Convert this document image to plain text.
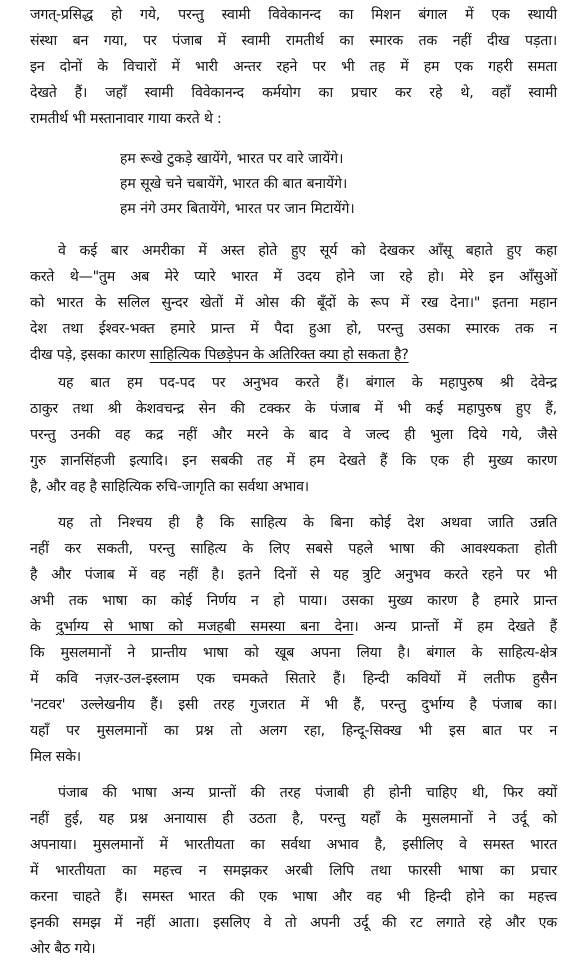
जगत्-प्रसिद्ध हो गये, परन्तु स्वामी विवेकानन्द का मिशन बंगाल में एक स्थायी
संस्था बन गया, पर पंजाब में स्वामी रामतीर्थ का स्मारक तक नहीं दीख पड़ता।
इन दोनों के विचारों में भारी अन्तर रहने पर भी तह में हम एक गहरी समता
देखते हैं। जहाँ स्वामी विवेकानन्द कर्मयोग का प्रचार कर रहे थे, वहाँ स्वामी
रामतीर्थ भी मस्तानावार गाया करते थे :
हम रूखे टुकड़े खायेंगे, भारत पर वारे जायेंगे।
हम सूखे चने चबायेंगे, भारत की बात बनायेंगे।
हम नंगे उमर बितायेंगे, भारत पर जान मिटायेंगे।
वे कई बार अमरीका में अस्त होते हुए सूर्य को देखकर आँसू बहाते हुए कहा
करते थे—"तुम अब मेरे प्यारे भारत में उदय होने जा रहे हो। मेरे इन आँसुओं
को भारत के सलिल सुन्दर खेतों में ओस की बूँदों के रूप में रख देना।" इतना महान
देश तथा ईश्वर-भक्त हमारे प्रान्त में पैदा हुआ हो, परन्तु उसका स्मारक तक न
दीख पड़े, इसका कारण साहित्यिक पिछड़ेपन के अतिरिक्त क्या हो सकता है?
यह बात हम पद-पद पर अनुभव करते हैं। बंगाल के महापुरुष श्री देवेन्द्र
ठाकुर तथा श्री केशवचन्द्र सेन की टक्कर के पंजाब में भी कई महापुरुष हुए हैं,
परन्तु उनकी वह कद्र नहीं और मरने के बाद वे जल्द ही भुला दिये गये, जैसे
गुरु ज्ञानसिंहजी इत्यादि। इन सबकी तह में हम देखते हैं कि एक ही मुख्य कारण
है, और वह है साहित्यिक रुचि-जागृति का सर्वथा अभाव।
यह तो निश्चय ही है कि साहित्य के बिना कोई देश अथवा जाति उन्नति
नहीं कर सकती, परन्तु साहित्य के लिए सबसे पहले भाषा की आवश्यकता होती
है और पंजाब में वह नहीं है। इतने दिनों से यह त्रुटि अनुभव करते रहने पर भी
अभी तक भाषा का कोई निर्णय न हो पाया। उसका मुख्य कारण है हमारे प्रान्त
के दुर्भाग्य से भाषा को मजहबी समस्या बना देना। अन्य प्रान्तों में हम देखते हैं
कि मुसलमानों ने प्रान्तीय भाषा को खूब अपना लिया है। बंगाल के साहित्य-क्षेत्र
में कवि नज़र-उल-इस्लाम एक चमकते सितारे हैं। हिन्दी कवियों में लतीफ हुसैन
'नटवर' उल्लेखनीय हैं। इसी तरह गुजरात में भी हैं, परन्तु दुर्भाग्य है पंजाब का।
यहाँ पर मुसलमानों का प्रश्न तो अलग रहा, हिन्दू-सिक्ख भी इस बात पर न
मिल सके।
पंजाब की भाषा अन्य प्रान्तों की तरह पंजाबी ही होनी चाहिए थी, फिर क्यों
नहीं हुई, यह प्रश्न अनायास ही उठता है, परन्तु यहाँ के मुसलमानों ने उर्दू को
अपनाया। मुसलमानों में भारतीयता का सर्वथा अभाव है, इसीलिए वे समस्त भारत
में भारतीयता का महत्त्व न समझकर अरबी लिपि तथा फारसी भाषा का प्रचार
करना चाहते हैं। समस्त भारत की एक भाषा और वह भी हिन्दी होने का महत्त्व
इनकी समझ में नहीं आता। इसलिए वे तो अपनी उर्दू की रट लगाते रहे और एक
ओर बैठ गये।
